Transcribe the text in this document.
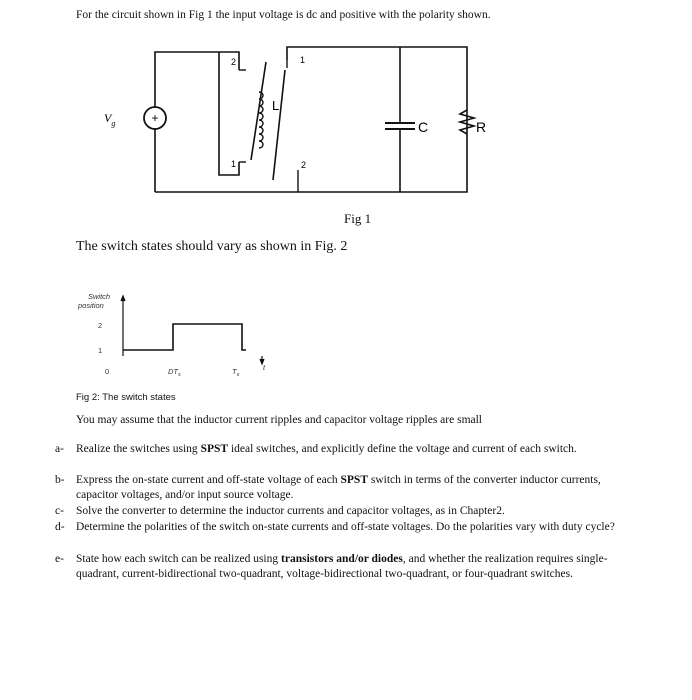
For the circuit shown in Fig 1 the input voltage is dc and positive with the polarity shown.
+
$V_g$
2
1
L
1
2
C	R
Fig 1
The switch states should vary as shown in Fig. 2
Switch
position
2
1
0	$DT_s$	$T_s$
t
Fig 2: The switch states
You may assume that the inductor current ripples and capacitor voltage ripples are small
a- Realize the switches using SPST ideal switches, and explicitly define the voltage and current of each switch.
b- Express the on-state current and off-state voltage of each SPST switch in terms of the converter inductor currents, capacitor voltages, and/or input source voltage.
c- Solve the converter to determine the inductor currents and capacitor voltages, as in Chapter2.
d- Determine the polarities of the switch on-state currents and off-state voltages. Do the polarities vary with duty cycle?
e- State how each switch can be realized using transistors and/or diodes, and whether the realization requires single-quadrant, current-bidirectional two-quadrant, voltage-bidirectional two-quadrant, or four-quadrant switches.
